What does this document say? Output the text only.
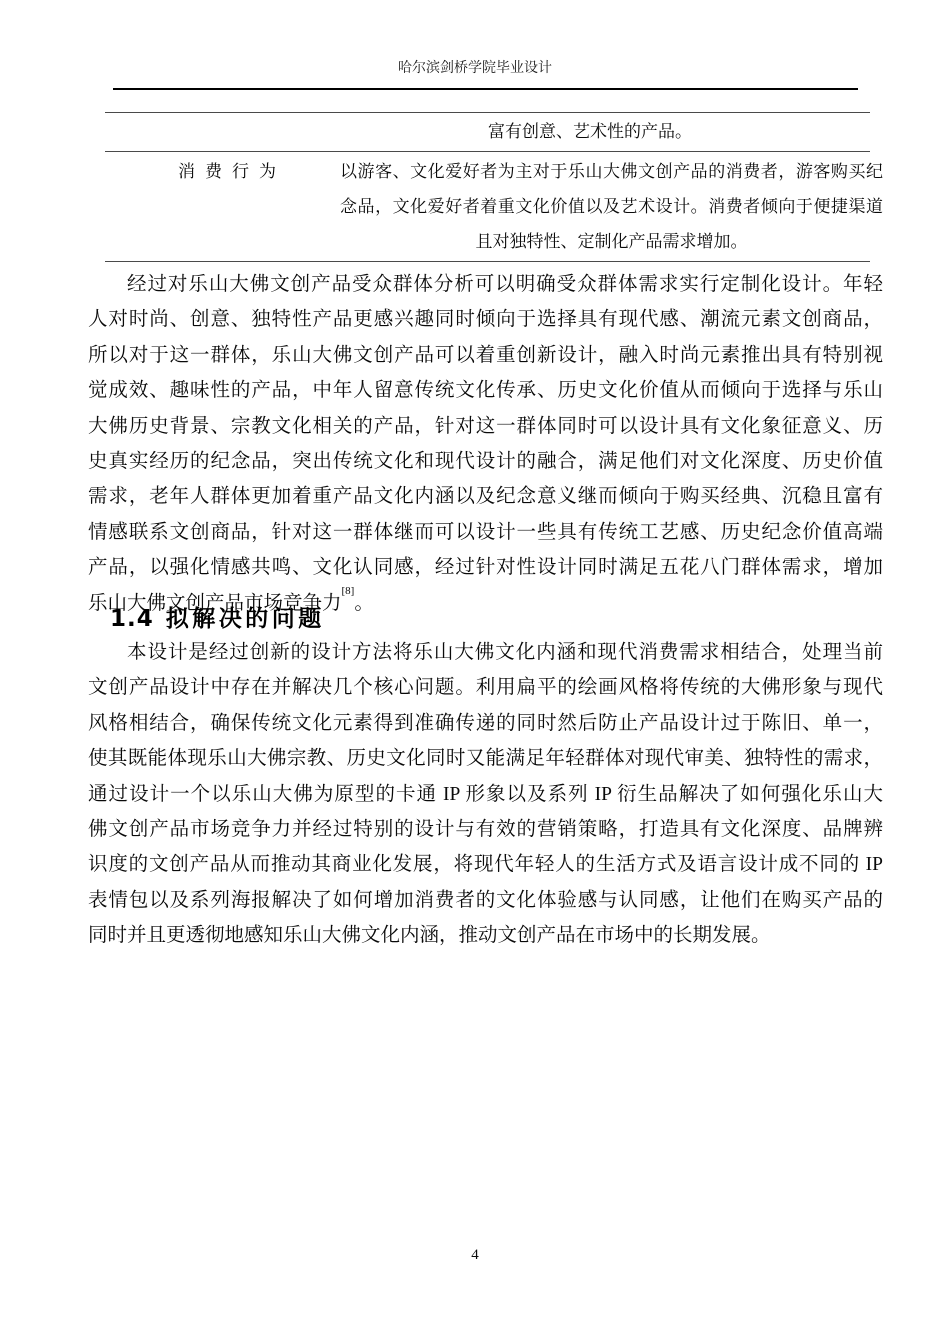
哈尔滨剑桥学院毕业设计
富有创意、艺术性的产品。
消费行为	以游客、文化爱好者为主对于乐山大佛文创产品的消费者，游客购买纪
念品，文化爱好者着重文化价值以及艺术设计。消费者倾向于便捷渠道
且对独特性、定制化产品需求增加。
经过对乐山大佛文创产品受众群体分析可以明确受众群体需求实行定制化设计。年轻
人对时尚、创意、独特性产品更感兴趣同时倾向于选择具有现代感、潮流元素文创商品，
所以对于这一群体，乐山大佛文创产品可以着重创新设计，融入时尚元素推出具有特别视
觉成效、趣味性的产品，中年人留意传统文化传承、历史文化价值从而倾向于选择与乐山
大佛历史背景、宗教文化相关的产品，针对这一群体同时可以设计具有文化象征意义、历
史真实经历的纪念品，突出传统文化和现代设计的融合，满足他们对文化深度、历史价值
需求，老年人群体更加着重产品文化内涵以及纪念意义继而倾向于购买经典、沉稳且富有
情感联系文创商品，针对这一群体继而可以设计一些具有传统工艺感、历史纪念价值高端
产品，以强化情感共鸣、文化认同感，经过针对性设计同时满足五花八门群体需求，增加
乐山大佛文创产品市场竞争力[8]。
1.4 拟解决的问题
本设计是经过创新的设计方法将乐山大佛文化内涵和现代消费需求相结合，处理当前
文创产品设计中存在并解决几个核心问题。利用扁平的绘画风格将传统的大佛形象与现代
风格相结合，确保传统文化元素得到准确传递的同时然后防止产品设计过于陈旧、单一，
使其既能体现乐山大佛宗教、历史文化同时又能满足年轻群体对现代审美、独特性的需求，
通过设计一个以乐山大佛为原型的卡通 IP 形象以及系列 IP 衍生品解决了如何强化乐山大
佛文创产品市场竞争力并经过特别的设计与有效的营销策略，打造具有文化深度、品牌辨
识度的文创产品从而推动其商业化发展，将现代年轻人的生活方式及语言设计成不同的 IP
表情包以及系列海报解决了如何增加消费者的文化体验感与认同感，让他们在购买产品的
同时并且更透彻地感知乐山大佛文化内涵，推动文创产品在市场中的长期发展。
4
